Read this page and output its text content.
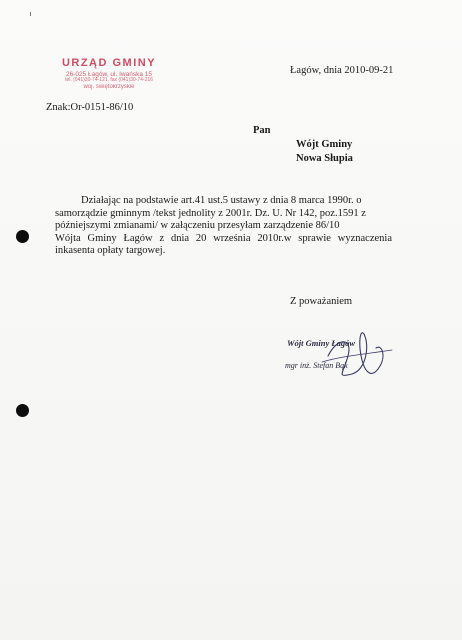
URZĄD GMINY
26-025 Łagów, ul. Iwańska 15
tel. (041)30-74-121, fax (041)30-74-216
woj. świętokrzyskie
Łagów, dnia 2010-09-21
Znak:Or-0151-86/10
Pan
Wójt Gminy
Nowa Słupia

Działając na podstawie art.41 ust.5 ustawy z dnia 8 marca 1990r. o

samorządzie gminnym /tekst jednolity z 2001r. Dz. U. Nr 142, poz.1591 z

późniejszymi zmianami/ w załączeniu przesyłam zarządzenie 86/10

Wójta Gminy Łagów z dnia 20 września 2010r.w sprawie wyznaczenia

inkasenta opłaty targowej.

Z poważaniem
Wójt Gminy Łagów
mgr inż. Stefan Bąk
